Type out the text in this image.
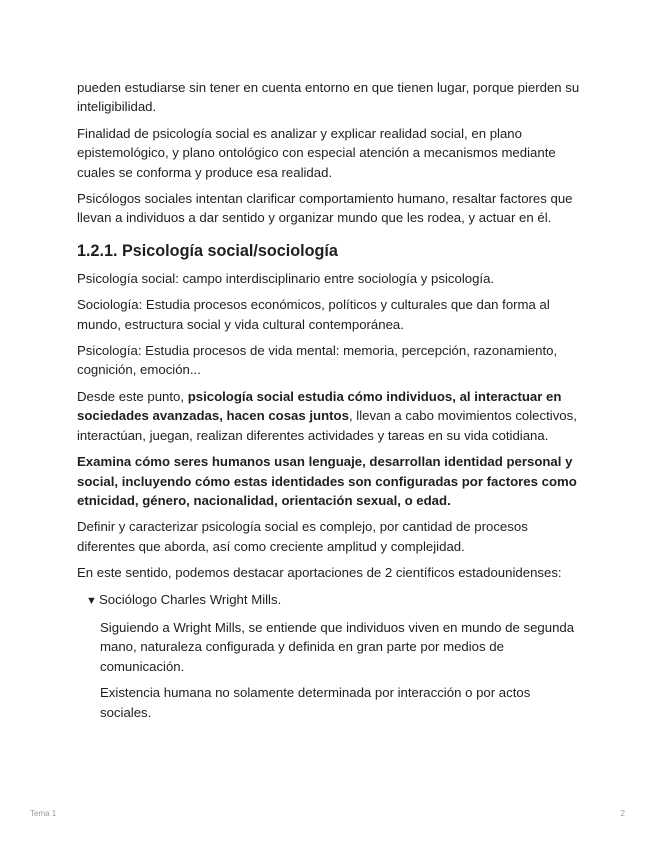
pueden estudiarse sin tener en cuenta entorno en que tienen lugar, porque pierden su inteligibilidad.

Finalidad de psicología social es analizar y explicar realidad social, en plano epistemológico, y plano ontológico con especial atención a mecanismos mediante cuales se conforma y produce esa realidad.

Psicólogos sociales intentan clarificar comportamiento humano, resaltar factores que llevan a individuos a dar sentido y organizar mundo que les rodea, y actuar en él.

1.2.1. Psicología social/sociología

Psicología social: campo interdisciplinario entre sociología y psicología.

Sociología: Estudia procesos económicos, políticos y culturales que dan forma al mundo, estructura social y vida cultural contemporánea.

Psicología: Estudia procesos de vida mental: memoria, percepción, razonamiento, cognición, emoción...

Desde este punto, psicología social estudia cómo individuos, al interactuar en sociedades avanzadas, hacen cosas juntos, llevan a cabo movimientos colectivos, interactúan, juegan, realizan diferentes actividades y tareas en su vida cotidiana.

Examina cómo seres humanos usan lenguaje, desarrollan identidad personal y social, incluyendo cómo estas identidades son configuradas por factores como etnicidad, género, nacionalidad, orientación sexual, o edad.

Definir y caracterizar psicología social es complejo, por cantidad de procesos diferentes que aborda, así como creciente amplitud y complejidad.

En este sentido, podemos destacar aportaciones de 2 científicos estadounidenses:

▼ Sociólogo Charles Wright Mills.

Siguiendo a Wright Mills, se entiende que individuos viven en mundo de segunda mano, naturaleza configurada y definida en gran parte por medios de comunicación.

Existencia humana no solamente determinada por interacción o por actos sociales.

Tema 1	2
